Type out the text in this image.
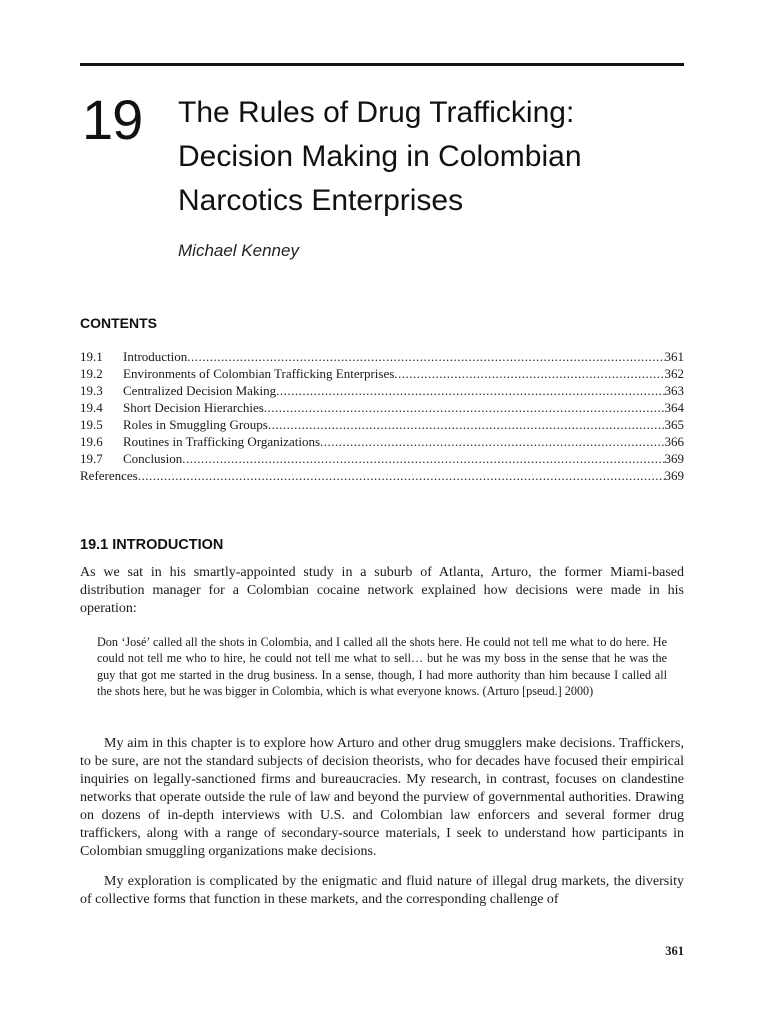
19 The Rules of Drug Trafficking:
Decision Making in Colombian
Narcotics Enterprises
Michael Kenney
CONTENTS
19.1	Introduction .....	361
19.2	Environments of Colombian Trafficking Enterprises .....	362
19.3	Centralized Decision Making .....	363
19.4	Short Decision Hierarchies .....	364
19.5	Roles in Smuggling Groups .....	365
19.6	Routines in Trafficking Organizations .....	366
19.7	Conclusion .....	369
References .....	369
19.1 INTRODUCTION
As we sat in his smartly-appointed study in a suburb of Atlanta, Arturo, the former Miami-based distribution manager for a Colombian cocaine network explained how decisions were made in his operation:
Don ‘José’ called all the shots in Colombia, and I called all the shots here. He could not tell me what to do here. He could not tell me who to hire, he could not tell me what to sell… but he was my boss in the sense that he was the guy that got me started in the drug business. In a sense, though, I had more authority than him because I called all the shots here, but he was bigger in Colombia, which is what everyone knows. (Arturo [pseud.] 2000)
My aim in this chapter is to explore how Arturo and other drug smugglers make decisions. Traffickers, to be sure, are not the standard subjects of decision theorists, who for decades have focused their empirical inquiries on legally-sanctioned firms and bureaucracies. My research, in contrast, focuses on clandestine networks that operate outside the rule of law and beyond the purview of governmental authorities. Drawing on dozens of in-depth interviews with U.S. and Colombian law enforcers and several former drug traffickers, along with a range of secondary-source materials, I seek to understand how participants in Colombian smuggling organizations make decisions.
My exploration is complicated by the enigmatic and fluid nature of illegal drug markets, the diversity of collective forms that function in these markets, and the corresponding challenge of
361
